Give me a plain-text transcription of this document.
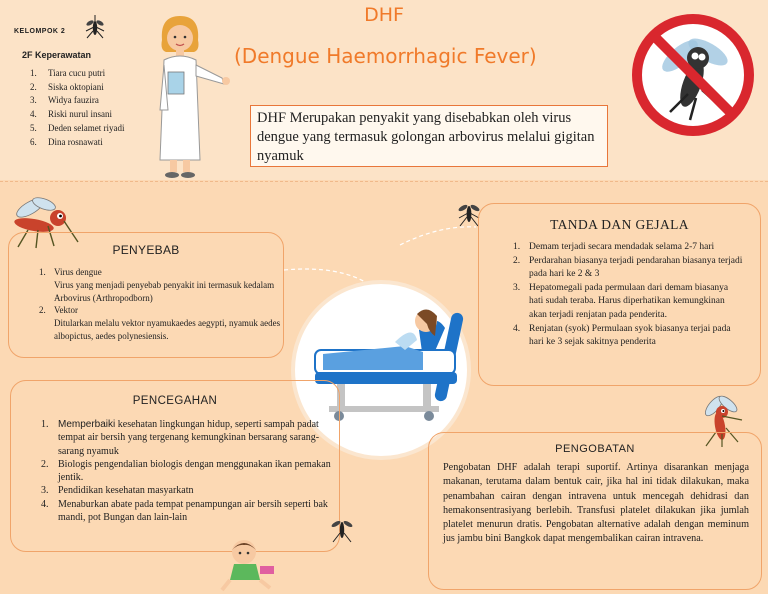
KELOMPOK 2
2F Keperawatan
1. Tiara cucu putri
2. Siska oktopiani
3. Widya fauzira
4. Riski nurul insani
5. Deden selamet riyadi
6. Dina rosnawati
DHF
(Dengue Haemorrhagic Fever)
DHF Merupakan penyakit yang disebabkan oleh virus dengue yang termasuk golongan arbovirus melalui gigitan nyamuk
PENYEBAB
1. Virus dengue
Virus yang menjadi penyebab penyakit ini termasuk kedalam Arbovirus (Arthropodborn)
2. Vektor
Ditularkan melalu vektor nyamukaedes aegypti, nyamuk aedes albopictus, aedes polynesiensis.
TANDA DAN GEJALA
1. Demam terjadi secara mendadak selama 2-7 hari
2. Perdarahan biasanya terjadi pendarahan biasanya terjadi pada hari ke 2 & 3
3. Hepatomegali pada permulaan dari demam biasanya hati sudah teraba. Harus diperhatikan kemungkinan akan terjadi renjatan pada penderita.
4. Renjatan (syok) Permulaan syok biasanya terjai pada hari ke 3 sejak sakitnya penderita
PENCEGAHAN
1. Memperbaiki kesehatan lingkungan hidup, seperti sampah padat tempat air bersih yang tergenang kemungkinan bersarang sarang-sarang nyamuk
2. Biologis pengendalian biologis dengan menggunakan ikan pemakan jentik.
3. Pendidikan kesehatan masyarkatn
4. Menaburkan abate pada tempat penampungan air bersih seperti bak mandi, pot Bungan dan lain-lain
PENGOBATAN

Pengobatan DHF adalah terapi suportif. Artinya disarankan menjaga makanan, terutama dalam bentuk cair, jika hal ini tidak dilakukan, maka penambahan cairan dengan intravena untuk mencegah dehidrasi dan hemakonsentrasiyang berlebih. Transfusi platelet dilakukan jika jumlah platelet menurun dratis. Pengobatan alternative adalah dengan meminum jus jambu bini Bangkok dapat mengembalikan cairan intravena.
